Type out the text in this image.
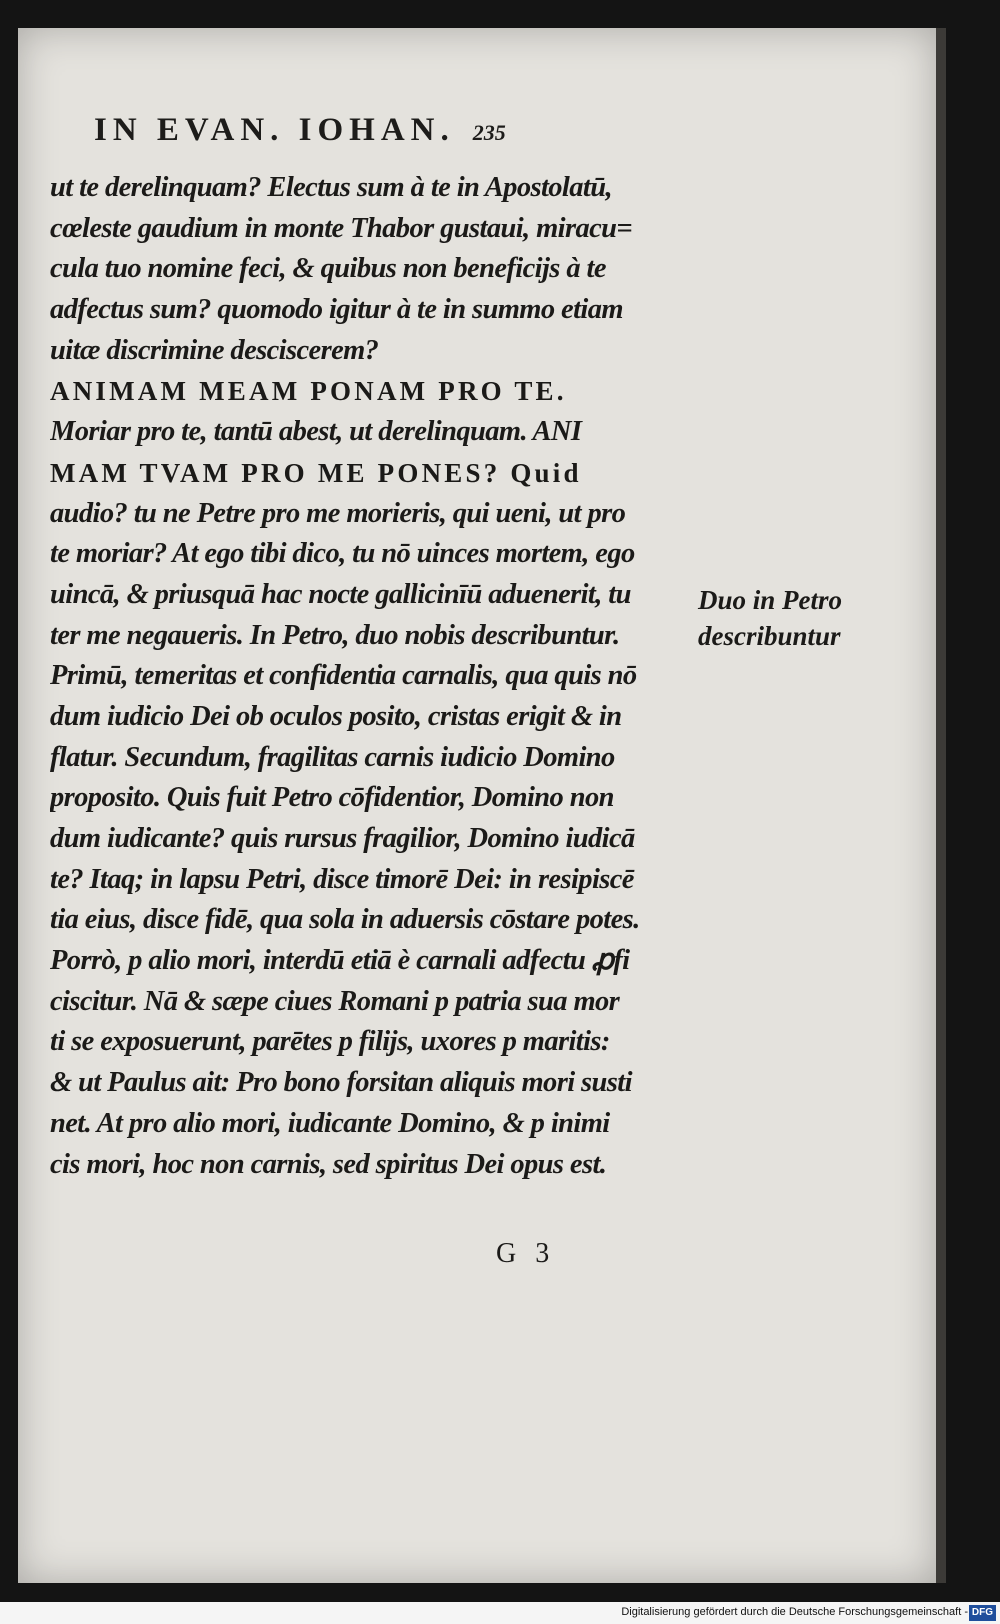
IN EVAN. IOHAN. 235
ut te derelinquam? Electus sum à te in Apostolatū,
cœleste gaudium in monte Thabor gustaui, miracu=
cula tuo nomine feci, & quibus non beneficijs à te
adfectus sum? quomodo igitur à te in summo etiam
uitæ discrimine desciscerem?
ANIMAM MEAM PONAM PRO TE.
Moriar pro te, tantū abest, ut derelinquam. ANI
MAM TVAM PRO ME PONES? Quid
audio? tu ne Petre pro me morieris, qui ueni, ut pro
te moriar? At ego tibi dico, tu nō uinces mortem, ego
uincā, & priusquā hac nocte gallicinīū aduenerit, tu
ter me negaueris. In Petro, duo nobis describuntur.
Primū, temeritas et confidentia carnalis, qua quis nō
dum iudicio Dei ob oculos posito, cristas erigit & in
flatur. Secundum, fragilitas carnis iudicio Domino
proposito. Quis fuit Petro cōfidentior, Domino non
dum iudicante? quis rursus fragilior, Domino iudicā
te? Itaq; in lapsu Petri, disce timorē Dei: in resipiscē
tia eius, disce fidē, qua sola in aduersis cōstare potes.
Porrò, p alio mori, interdū etiā è carnali adfectu ꝓfi
ciscitur. Nā & sæpe ciues Romani p patria sua mor
ti se exposuerunt, parētes p filijs, uxores p maritis:
& ut Paulus ait: Pro bono forsitan aliquis mori susti
net. At pro alio mori, iudicante Domino, & p inimi
cis mori, hoc non carnis, sed spiritus Dei opus est.
Duo in Petro
describuntur
G 3
Digitalisierung gefördert durch die Deutsche Forschungsgemeinschaft - DFG
